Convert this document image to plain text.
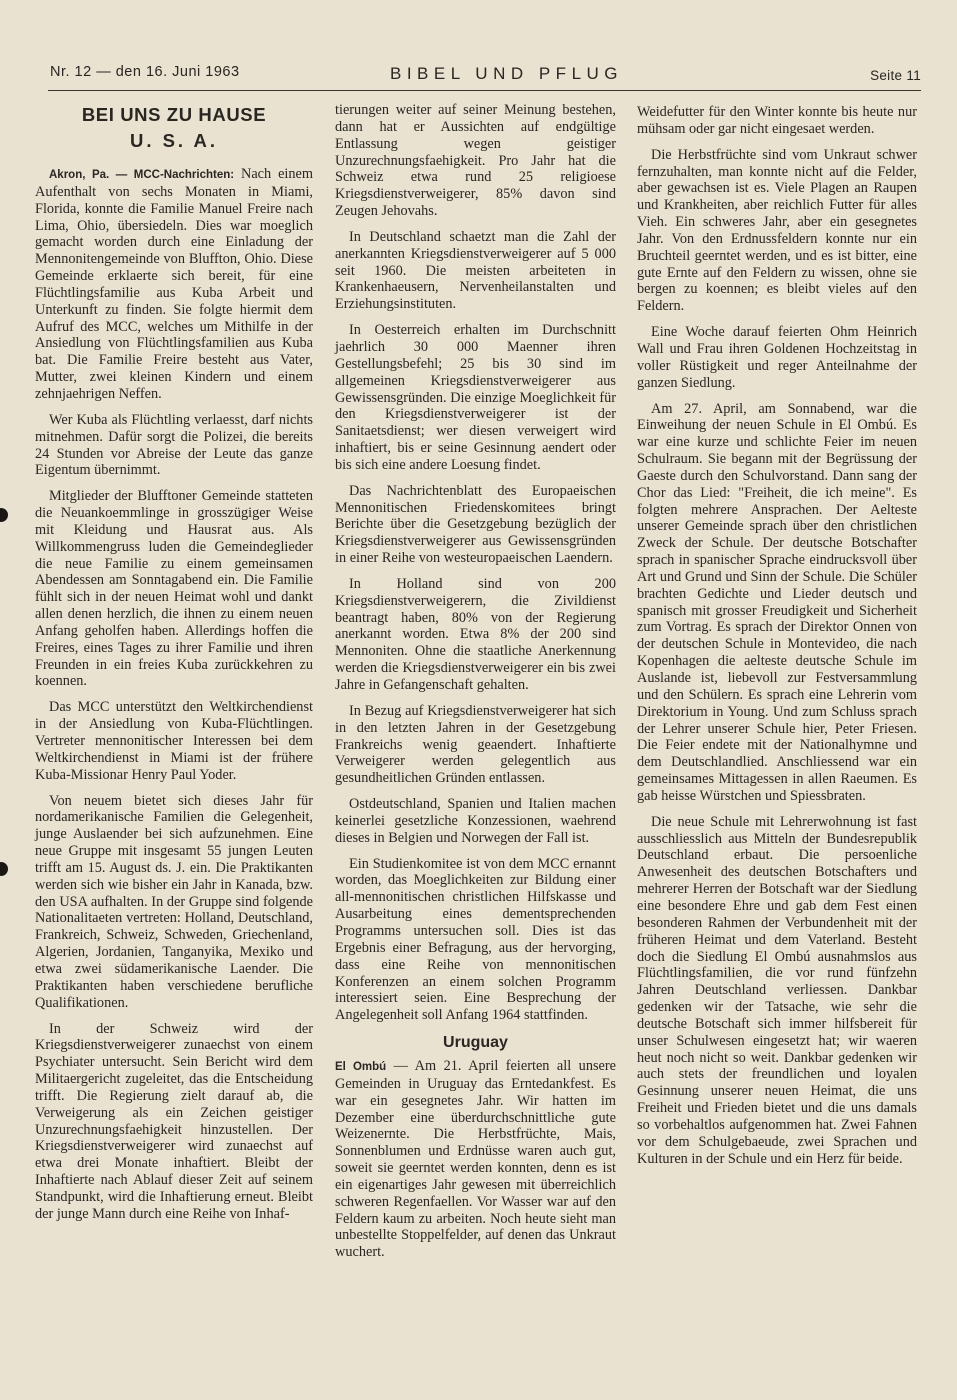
Nr. 12 — den 16. Juni 1963	BIBEL UND PFLUG	Seite 11
BEI UNS ZU HAUSE
U. S. A.

Akron, Pa. — MCC-Nachrichten: Nach einem Aufenthalt von sechs Monaten in Miami, Florida, konnte die Familie Manuel Freire nach Lima, Ohio, übersiedeln. Dies war moeglich gemacht worden durch eine Einladung der Mennonitengemeinde von Bluffton, Ohio. Diese Gemeinde erklaerte sich bereit, für eine Flüchtlingsfamilie aus Kuba Arbeit und Unterkunft zu finden. Sie folgte hiermit dem Aufruf des MCC, welches um Mithilfe in der Ansiedlung von Flüchtlingsfamilien aus Kuba bat. Die Familie Freire besteht aus Vater, Mutter, zwei kleinen Kindern und einem zehnjaehrigen Neffen.

Wer Kuba als Flüchtling verlaesst, darf nichts mitnehmen. Dafür sorgt die Polizei, die bereits 24 Stunden vor Abreise der Leute das ganze Eigentum übernimmt.

Mitglieder der Blufftoner Gemeinde statteten die Neuankoemmlinge in grosszügiger Weise mit Kleidung und Hausrat aus. Als Willkommengruss luden die Gemeindeglieder die neue Familie zu einem gemeinsamen Abendessen am Sonntagabend ein. Die Familie fühlt sich in der neuen Heimat wohl und dankt allen denen herzlich, die ihnen zu einem neuen Anfang geholfen haben. Allerdings hoffen die Freires, eines Tages zu ihrer Familie und ihren Freunden in ein freies Kuba zurückkehren zu koennen.

Das MCC unterstützt den Weltkirchendienst in der Ansiedlung von Kuba-Flüchtlingen. Vertreter mennonitischer Interessen bei dem Weltkirchendienst in Miami ist der frühere Kuba-Missionar Henry Paul Yoder.

Von neuem bietet sich dieses Jahr für nordamerikanische Familien die Gelegenheit, junge Auslaender bei sich aufzunehmen. Eine neue Gruppe mit insgesamt 55 jungen Leuten trifft am 15. August ds. J. ein. Die Praktikanten werden sich wie bisher ein Jahr in Kanada, bzw. den USA aufhalten. In der Gruppe sind folgende Nationalitaeten vertreten: Holland, Deutschland, Frankreich, Schweiz, Schweden, Griechenland, Algerien, Jordanien, Tanganyika, Mexiko und etwa zwei südamerikanische Laender. Die Praktikanten haben verschiedene berufliche Qualifikationen.

In der Schweiz wird der Kriegsdienstverweigerer zunaechst von einem Psychiater untersucht. Sein Bericht wird dem Militaergericht zugeleitet, das die Entscheidung trifft. Die Regierung zielt darauf ab, die Verweigerung als ein Zeichen geistiger Unzurechnungsfaehigkeit hinzustellen. Der Kriegsdienstverweigerer wird zunaechst auf etwa drei Monate inhaftiert. Bleibt der Inhaftierte nach Ablauf dieser Zeit auf seinem Standpunkt, wird die Inhaftierung erneut. Bleibt der junge Mann durch eine Reihe von Inhaf-

tierungen weiter auf seiner Meinung bestehen, dann hat er Aussichten auf endgültige Entlassung wegen geistiger Unzurechnungsfaehigkeit. Pro Jahr hat die Schweiz etwa rund 25 religioese Kriegsdienstverweigerer, 85% davon sind Zeugen Jehovahs.

In Deutschland schaetzt man die Zahl der anerkannten Kriegsdienstverweigerer auf 5 000 seit 1960. Die meisten arbeiteten in Krankenhaeusern, Nervenheilanstalten und Erziehungsinstituten.

In Oesterreich erhalten im Durchschnitt jaehrlich 30 000 Maenner ihren Gestellungsbefehl; 25 bis 30 sind im allgemeinen Kriegsdienstverweigerer aus Gewissensgründen. Die einzige Moeglichkeit für den Kriegsdienstverweigerer ist der Sanitaetsdienst; wer diesen verweigert wird inhaftiert, bis er seine Gesinnung aendert oder bis sich eine andere Loesung findet.

Das Nachrichtenblatt des Europaeischen Mennonitischen Friedenskomitees bringt Berichte über die Gesetzgebung bezüglich der Kriegsdienstverweigerer aus Gewissensgründen in einer Reihe von westeuropaeischen Laendern.

In Holland sind von 200 Kriegsdienstverweigerern, die Zivildienst beantragt haben, 80% von der Regierung anerkannt worden. Etwa 8% der 200 sind Mennoniten. Ohne die staatliche Anerkennung werden die Kriegsdienstverweigerer ein bis zwei Jahre in Gefangenschaft gehalten.

In Bezug auf Kriegsdienstverweigerer hat sich in den letzten Jahren in der Gesetzgebung Frankreichs wenig geaendert. Inhaftierte Verweigerer werden gelegentlich aus gesundheitlichen Gründen entlassen.

Ostdeutschland, Spanien und Italien machen keinerlei gesetzliche Konzessionen, waehrend dieses in Belgien und Norwegen der Fall ist.

Ein Studienkomitee ist von dem MCC ernannt worden, das Moeglichkeiten zur Bildung einer all-mennonitischen christlichen Hilfskasse und Ausarbeitung eines dementsprechenden Programms untersuchen soll. Dies ist das Ergebnis einer Befragung, aus der hervorging, dass eine Reihe von mennonitischen Konferenzen an einem solchen Programm interessiert seien. Eine Besprechung der Angelegenheit soll Anfang 1964 stattfinden.

Uruguay

El Ombú — Am 21. April feierten all unsere Gemeinden in Uruguay das Erntedankfest. Es war ein gesegnetes Jahr. Wir hatten im Dezember eine überdurchschnittliche gute Weizenernte. Die Herbstfrüchte, Mais, Sonnenblumen und Erdnüsse waren auch gut, soweit sie geerntet werden konnten, denn es ist ein eigenartiges Jahr gewesen mit überreichlich schweren Regenfaellen. Vor Wasser war auf den Feldern kaum zu arbeiten. Noch heute sieht man unbestellte Stoppelfelder, auf denen das Unkraut wuchert.

Weidefutter für den Winter konnte bis heute nur mühsam oder gar nicht eingesaet werden.

Die Herbstfrüchte sind vom Unkraut schwer fernzuhalten, man konnte nicht auf die Felder, aber gewachsen ist es. Viele Plagen an Raupen und Krankheiten, aber reichlich Futter für alles Vieh. Ein schweres Jahr, aber ein gesegnetes Jahr. Von den Erdnussfeldern konnte nur ein Bruchteil geerntet werden, und es ist bitter, eine gute Ernte auf den Feldern zu wissen, ohne sie bergen zu koennen; es bleibt vieles auf den Feldern.

Eine Woche darauf feierten Ohm Heinrich Wall und Frau ihren Goldenen Hochzeitstag in voller Rüstigkeit und reger Anteilnahme der ganzen Siedlung.

Am 27. April, am Sonnabend, war die Einweihung der neuen Schule in El Ombú. Es war eine kurze und schlichte Feier im neuen Schulraum. Sie begann mit der Begrüssung der Gaeste durch den Schulvorstand. Dann sang der Chor das Lied: "Freiheit, die ich meine". Es folgten mehrere Ansprachen. Der Aelteste unserer Gemeinde sprach über den christlichen Zweck der Schule. Der deutsche Botschafter sprach in spanischer Sprache eindrucksvoll über Art und Grund und Sinn der Schule. Die Schüler brachten Gedichte und Lieder deutsch und spanisch mit grosser Freudigkeit und Sicherheit zum Vortrag. Es sprach der Direktor Onnen von der deutschen Schule in Montevideo, die nach Kopenhagen die aelteste deutsche Schule im Auslande ist, liebevoll zur Festversammlung und den Schülern. Es sprach eine Lehrerin vom Direktorium in Young. Und zum Schluss sprach der Lehrer unserer Schule hier, Peter Friesen. Die Feier endete mit der Nationalhymne und dem Deutschlandlied. Anschliessend war ein gemeinsames Mittagessen in allen Raeumen. Es gab heisse Würstchen und Spiessbraten.

Die neue Schule mit Lehrerwohnung ist fast ausschliesslich aus Mitteln der Bundesrepublik Deutschland erbaut. Die persoenliche Anwesenheit des deutschen Botschafters und mehrerer Herren der Botschaft war der Siedlung eine besondere Ehre und gab dem Fest einen besonderen Rahmen der Verbundenheit mit der früheren Heimat und dem Vaterland. Besteht doch die Siedlung El Ombú ausnahmslos aus Flüchtlingsfamilien, die vor rund fünfzehn Jahren Deutschland verliessen. Dankbar gedenken wir der Tatsache, wie sehr die deutsche Botschaft sich immer hilfsbereit für unser Schulwesen eingesetzt hat; wir waeren heut noch nicht so weit. Dankbar gedenken wir auch stets der freundlichen und loyalen Gesinnung unserer neuen Heimat, die uns Freiheit und Frieden bietet und die uns damals so vorbehaltlos aufgenommen hat. Zwei Fahnen vor dem Schulgebaeude, zwei Sprachen und Kulturen in der Schule und ein Herz für beide.
